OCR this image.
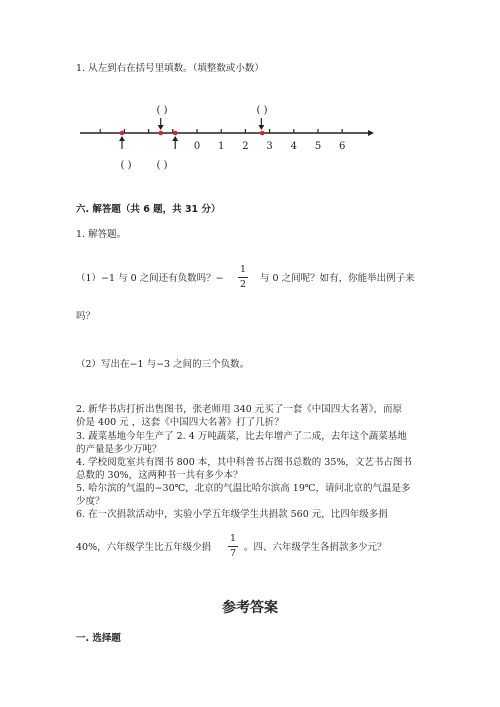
1. 从左到右在括号里填数。（填整数或小数）
0 1 2 3 4 5 6
( )	( )
( )	( )
六. 解答题（共 6 题，共 31 分）
1. 解答题。
（1）−1 与 0 之间还有负数吗？−
1
2
与 0 之间呢？如有，你能举出例子来
吗？
（2）写出在−1 与−3 之间的三个负数。
2. 新华书店打折出售图书，张老师用 340 元买了一套《中国四大名著》，而原
价是 400 元 ，这套《中国四大名著》打了几折？
3. 蔬菜基地今年生产了 2. 4 万吨蔬菜，比去年增产了二成，去年这个蔬菜基地
的产量是多少万吨？
4. 学校阅览室共有图书 800 本，其中科普书占图书总数的 35%，文艺书占图书
总数的 30%，这两种书一共有多少本？
5. 哈尔滨的气温的−30℃，北京的气温比哈尔滨高 19℃，请问北京的气温是多
少度？
6. 在一次捐款活动中，实验小学五年级学生共捐款 560 元，比四年级多捐
40%，六年级学生比五年级少捐
1
7
。四、六年级学生各捐款多少元？
参考答案
一. 选择题
